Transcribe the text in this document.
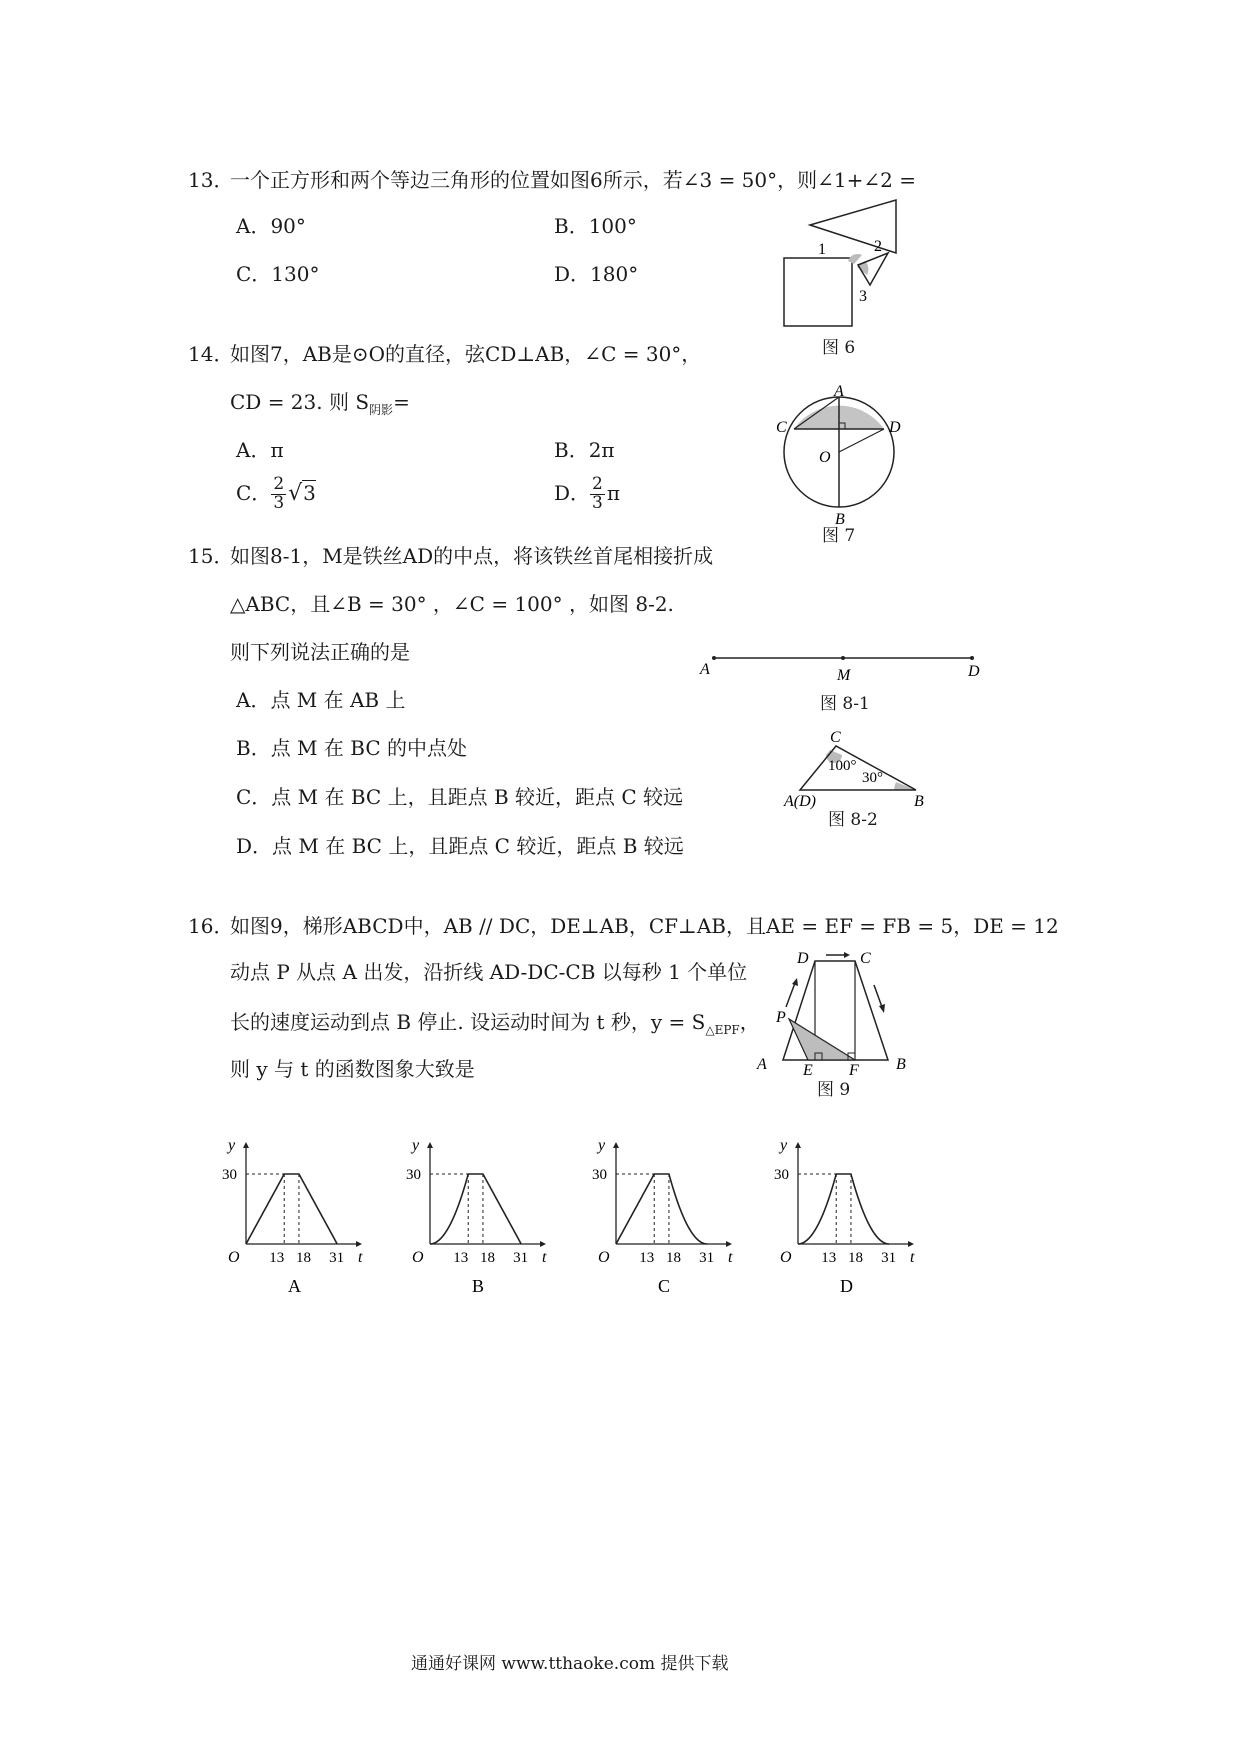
13．
一个正方形和两个等边三角形的位置如图6所示，若∠3 = 50°，则∠1+∠2 =
A．90°	B．100°
C．130°	D．180°
1	2
3
图 6
14．
如图7，AB是⊙O的直径，弦CD⊥AB，∠C = 30°，
CD = 23. 则 $S_{阴影}=$
A．π	B．2π
C． $\frac{2}{3} √3$	D． $\frac{2}{3}$ π
A
C	D
O
B
图 7
15．
如图8-1，M是铁丝AD的中点，将该铁丝首尾相接折成
△ABC，且∠B = 30° ，∠C = 100° ，如图 8-2.
则下列说法正确的是
A．点 M 在 AB 上
B．点 M 在 BC 的中点处
C．点 M 在 BC 上，且距点 B 较近，距点 C 较远
D．点 M 在 BC 上，且距点 C 较近，距点 B 较远
A	M	D
图 8-1
C
100°
30°
A(D)	B
图 8-2
16．
如图9，梯形ABCD中，AB // DC，DE⊥AB，CF⊥AB，且AE = EF = FB = 5，DE = 12
动点 P 从点 A 出发，沿折线 AD-DC-CB 以每秒 1 个单位
长的速度运动到点 B 停止. 设运动时间为 t 秒，$y = S_{\triangle EPF}$，
则 y 与 t 的函数图象大致是
D	C
P
A E F B
图 9
y
t
O
30
13 18 31
A
y
t
O
30
13 18 31
B
y
t
O
30
13 18 31
C
y
t
O
30
13 18 31
D
通通好课网 www.tthaoke.com 提供下载
